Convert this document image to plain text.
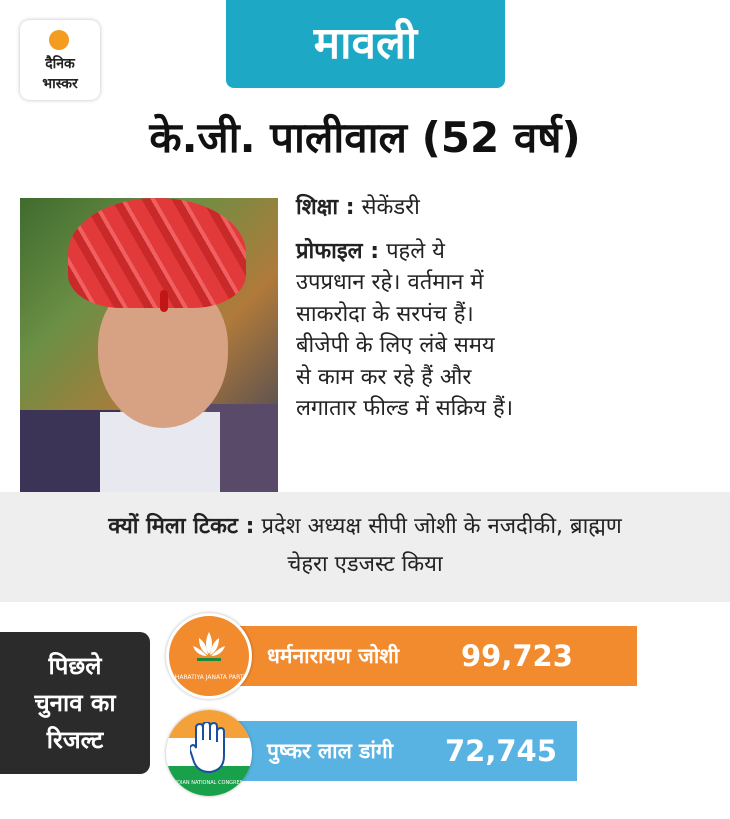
दैनिक
भास्कर
मावली
के.जी. पालीवाल (52 वर्ष)

शिक्षा : सेकेंडरी

प्रोफाइल : पहले ये
उपप्रधान रहे। वर्तमान में
साकरोदा के सरपंच हैं।
बीजेपी के लिए लंबे समय
से काम कर रहे हैं और
लगातार फील्ड में सक्रिय हैं।

क्यों मिला टिकट : प्रदेश अध्यक्ष सीपी जोशी के नजदीकी, ब्राह्मण
चेहरा एडजस्ट किया
पिछले
चुनाव का
रिजल्ट
धर्मनारायण जोशी 99,723
BHARATIYA JANATA PARTY
पुष्कर लाल डांगी 72,745
INDIAN NATIONAL CONGRESS
